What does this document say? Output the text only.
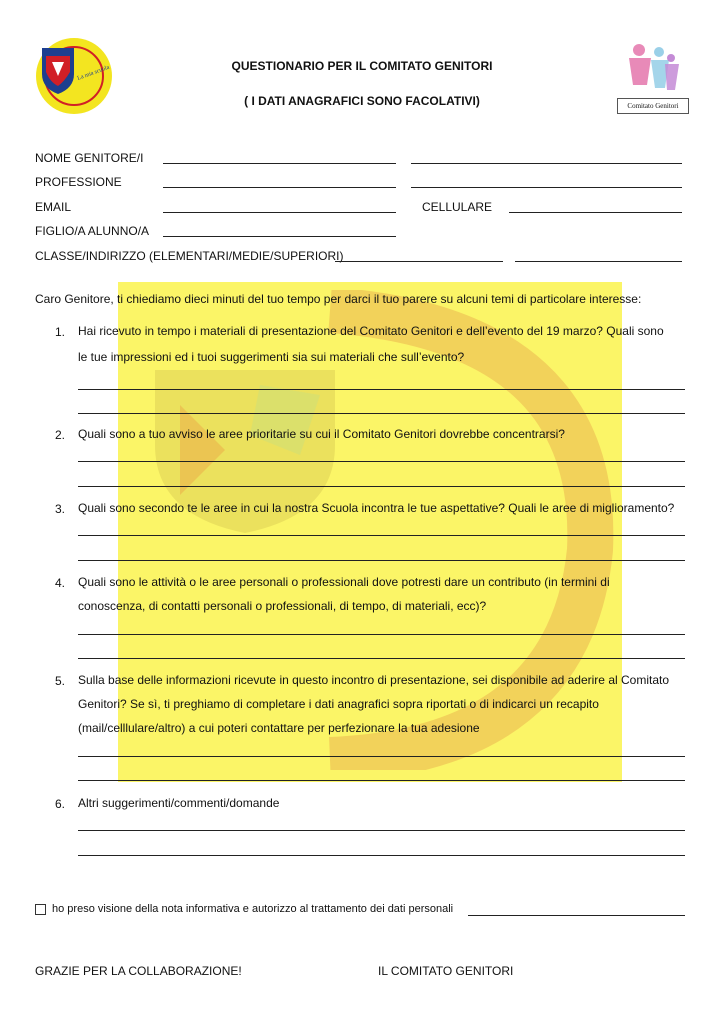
La mia scuola
Comitato Genitori
QUESTIONARIO PER IL COMITATO GENITORI
( I DATI ANAGRAFICI SONO FACOLATIVI)
NOME GENITORE/I
PROFESSIONE
EMAIL	CELLULARE
FIGLIO/A ALUNNO/A
CLASSE/INDIRIZZO (ELEMENTARI/MEDIE/SUPERIORI)
Caro Genitore, ti chiediamo dieci minuti del tuo tempo per darci il tuo parere su alcuni temi di particolare interesse:
1. Hai ricevuto in tempo i materiali di presentazione del Comitato Genitori e dell’evento del 19 marzo? Quali sono
le tue impressioni ed i tuoi suggerimenti sia sui materiali che sull’evento?
2. Quali sono a tuo avviso le aree prioritarie su cui il Comitato Genitori dovrebbe concentrarsi?
3. Quali sono secondo te le aree in cui la nostra Scuola incontra le tue aspettative? Quali le aree di miglioramento?
4. Quali sono le attività o le aree personali o professionali dove potresti dare un contributo (in termini di
conoscenza, di contatti personali o professionali, di tempo, di materiali, ecc)?
5. Sulla base delle informazioni ricevute in questo incontro di presentazione, sei disponibile ad aderire al Comitato
Genitori? Se sì, ti preghiamo di completare i dati anagrafici sopra riportati o di indicarci un recapito
(mail/celllulare/altro) a cui poteri contattare per perfezionare la tua adesione
6. Altri suggerimenti/commenti/domande
ho preso visione della nota informativa e autorizzo al trattamento dei dati personali
GRAZIE PER LA COLLABORAZIONE!	IL COMITATO GENITORI
